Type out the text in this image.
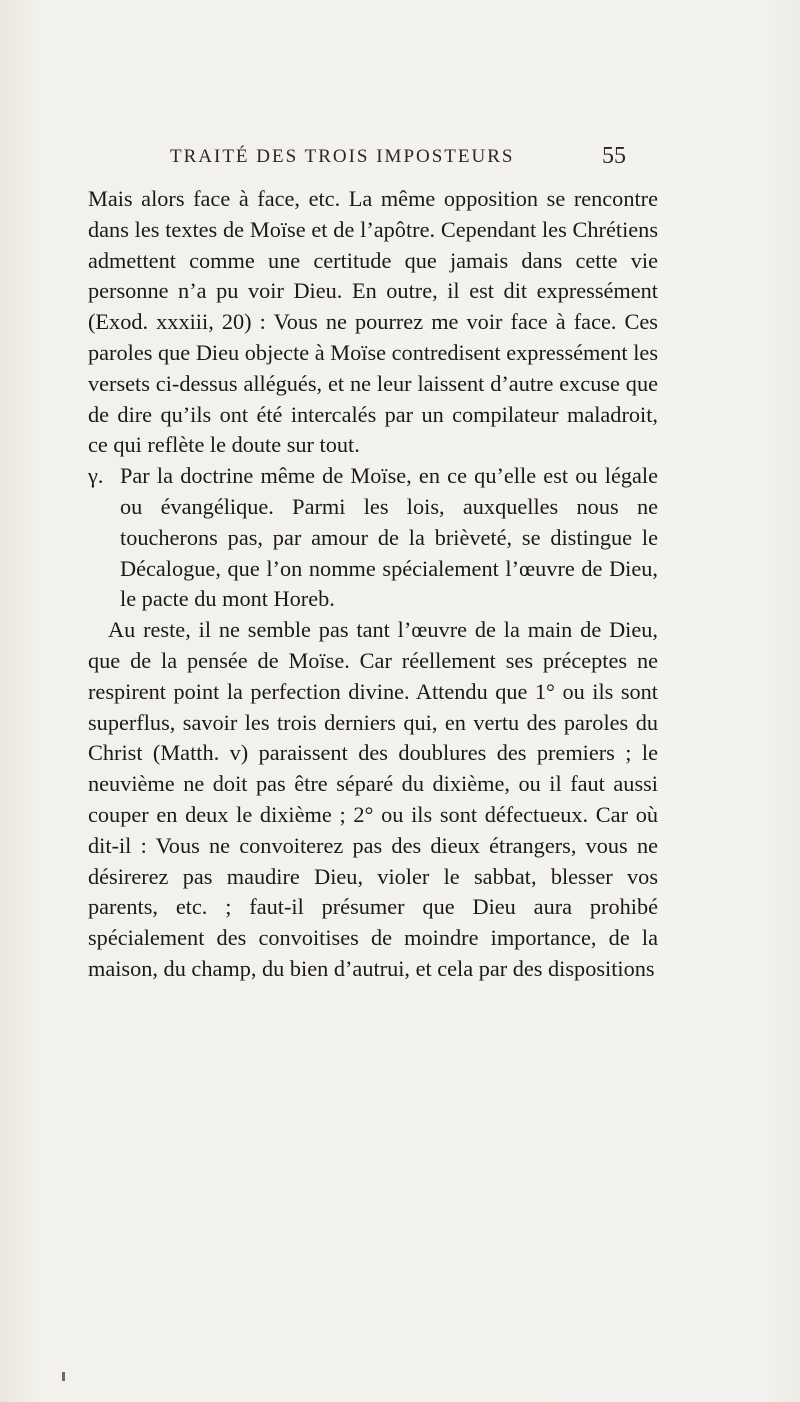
TRAITÉ DES TROIS IMPOSTEURS	55

Mais alors face à face, etc. La même opposition se rencontre dans les textes de Moïse et de l’apôtre. Cependant les Chrétiens admettent comme une certitude que jamais dans cette vie personne n’a pu voir Dieu. En outre, il est dit expressément (Exod. xxxiii, 20) : Vous ne pourrez me voir face à face. Ces paroles que Dieu objecte à Moïse contredisent expressément les versets ci-dessus allégués, et ne leur laissent d’autre excuse que de dire qu’ils ont été intercalés par un compilateur maladroit, ce qui reflète le doute sur tout.

γ. Par la doctrine même de Moïse, en ce qu’elle est ou légale ou évangélique. Parmi les lois, auxquelles nous ne toucherons pas, par amour de la brièveté, se distingue le Décalogue, que l’on nomme spécialement l’œuvre de Dieu, le pacte du mont Horeb.

Au reste, il ne semble pas tant l’œuvre de la main de Dieu, que de la pensée de Moïse. Car réellement ses préceptes ne respirent point la perfection divine. Attendu que 1° ou ils sont superflus, savoir les trois derniers qui, en vertu des paroles du Christ (Matth. v) paraissent des doublures des premiers ; le neuvième ne doit pas être séparé du dixième, ou il faut aussi couper en deux le dixième ; 2° ou ils sont défectueux. Car où dit-il : Vous ne convoiterez pas des dieux étrangers, vous ne désirerez pas maudire Dieu, violer le sabbat, blesser vos parents, etc. ; faut-il présumer que Dieu aura prohibé spécialement des convoitises de moindre importance, de la maison, du champ, du bien d’autrui, et cela par des dispositions
